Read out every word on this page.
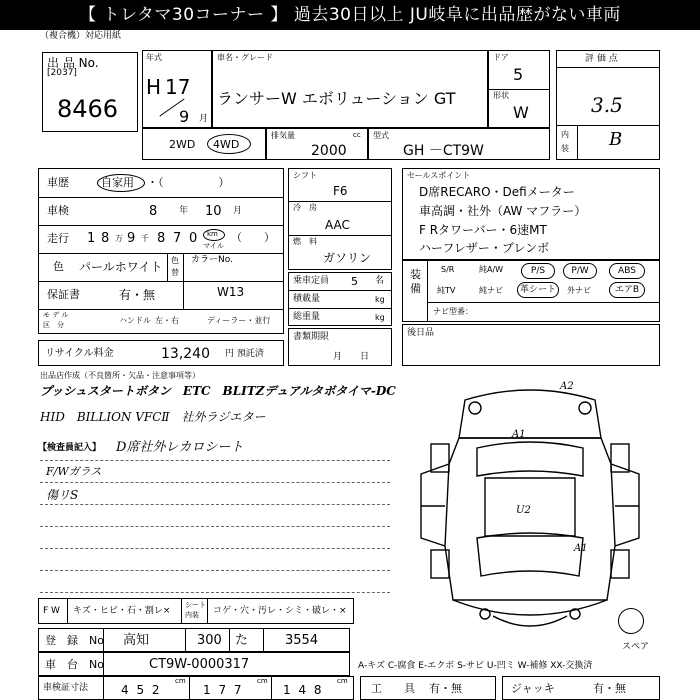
【 トレタマ30コーナー 】 過去30日以上 JU岐阜に出品歴がない車両
（複合機）対応用紙
出 品 No.
[2037]
8466
年式
H 17
9 月
車名・グレード
ランサーW エボリューション GT
ドア
5
形状
W
評 価 点
3.5
内
装 B
2WD 4WD
排気量	cc
2000
型式
GH －CT9W
車歴	自家用 ・（　　　　　）
車検	8 年 10 月
走行 1 8 万 9 千 8 7 0 km
マイル
（　　）
色 パールホワイト 色
替
カラーNo.
W13
保証書	有・無
モ デ ル
区　分	ハンドル 左・右	ディーラー・並行
リサイクル料金	13,240 円 預託済
シフト
F6
冷　房
AAC
燃　料
ガソリン
乗車定員 5 名
積載量	kg
総重量	kg
書類期限
月　　日
セールスポイント
D席RECARO・Defiメーター
車高調・社外（AW マフラー）
F Rタワーバー・6速MT
ハーフレザー・ブレンボ
装
備
S/R	純A/W	P/S	P/W	ABS
純TV	純ナビ	革シート	外ナビ	エアB
ナビ型番：
後日品
出品店作成（不良箇所・欠品・注意事項等）
プッシュスタートボタン　ETC　BLITZデュアルタボタイマ-DC
HID　BILLION VFCⅡ　社外ラジエター
【検査員記入】 D席社外レカロシート
F/Wガラス
傷リS
A2
A1
U2
A1
スペア
F W キズ・ヒビ・石・割レ×
シート
内装 コゲ・穴・汚レ・シミ・破レ・×
登　録　No 高知	300 た	3554
車　台　No	CT9W-0000317	A-キズ C-腐食 E-エクボ S-サビ U-凹ミ W-補修 XX-交換済
車検証寸法	4 5 2
cm
1 7 7
cm
1 4 8
cm
工　　具 有・無	ジャッキ	有・無
